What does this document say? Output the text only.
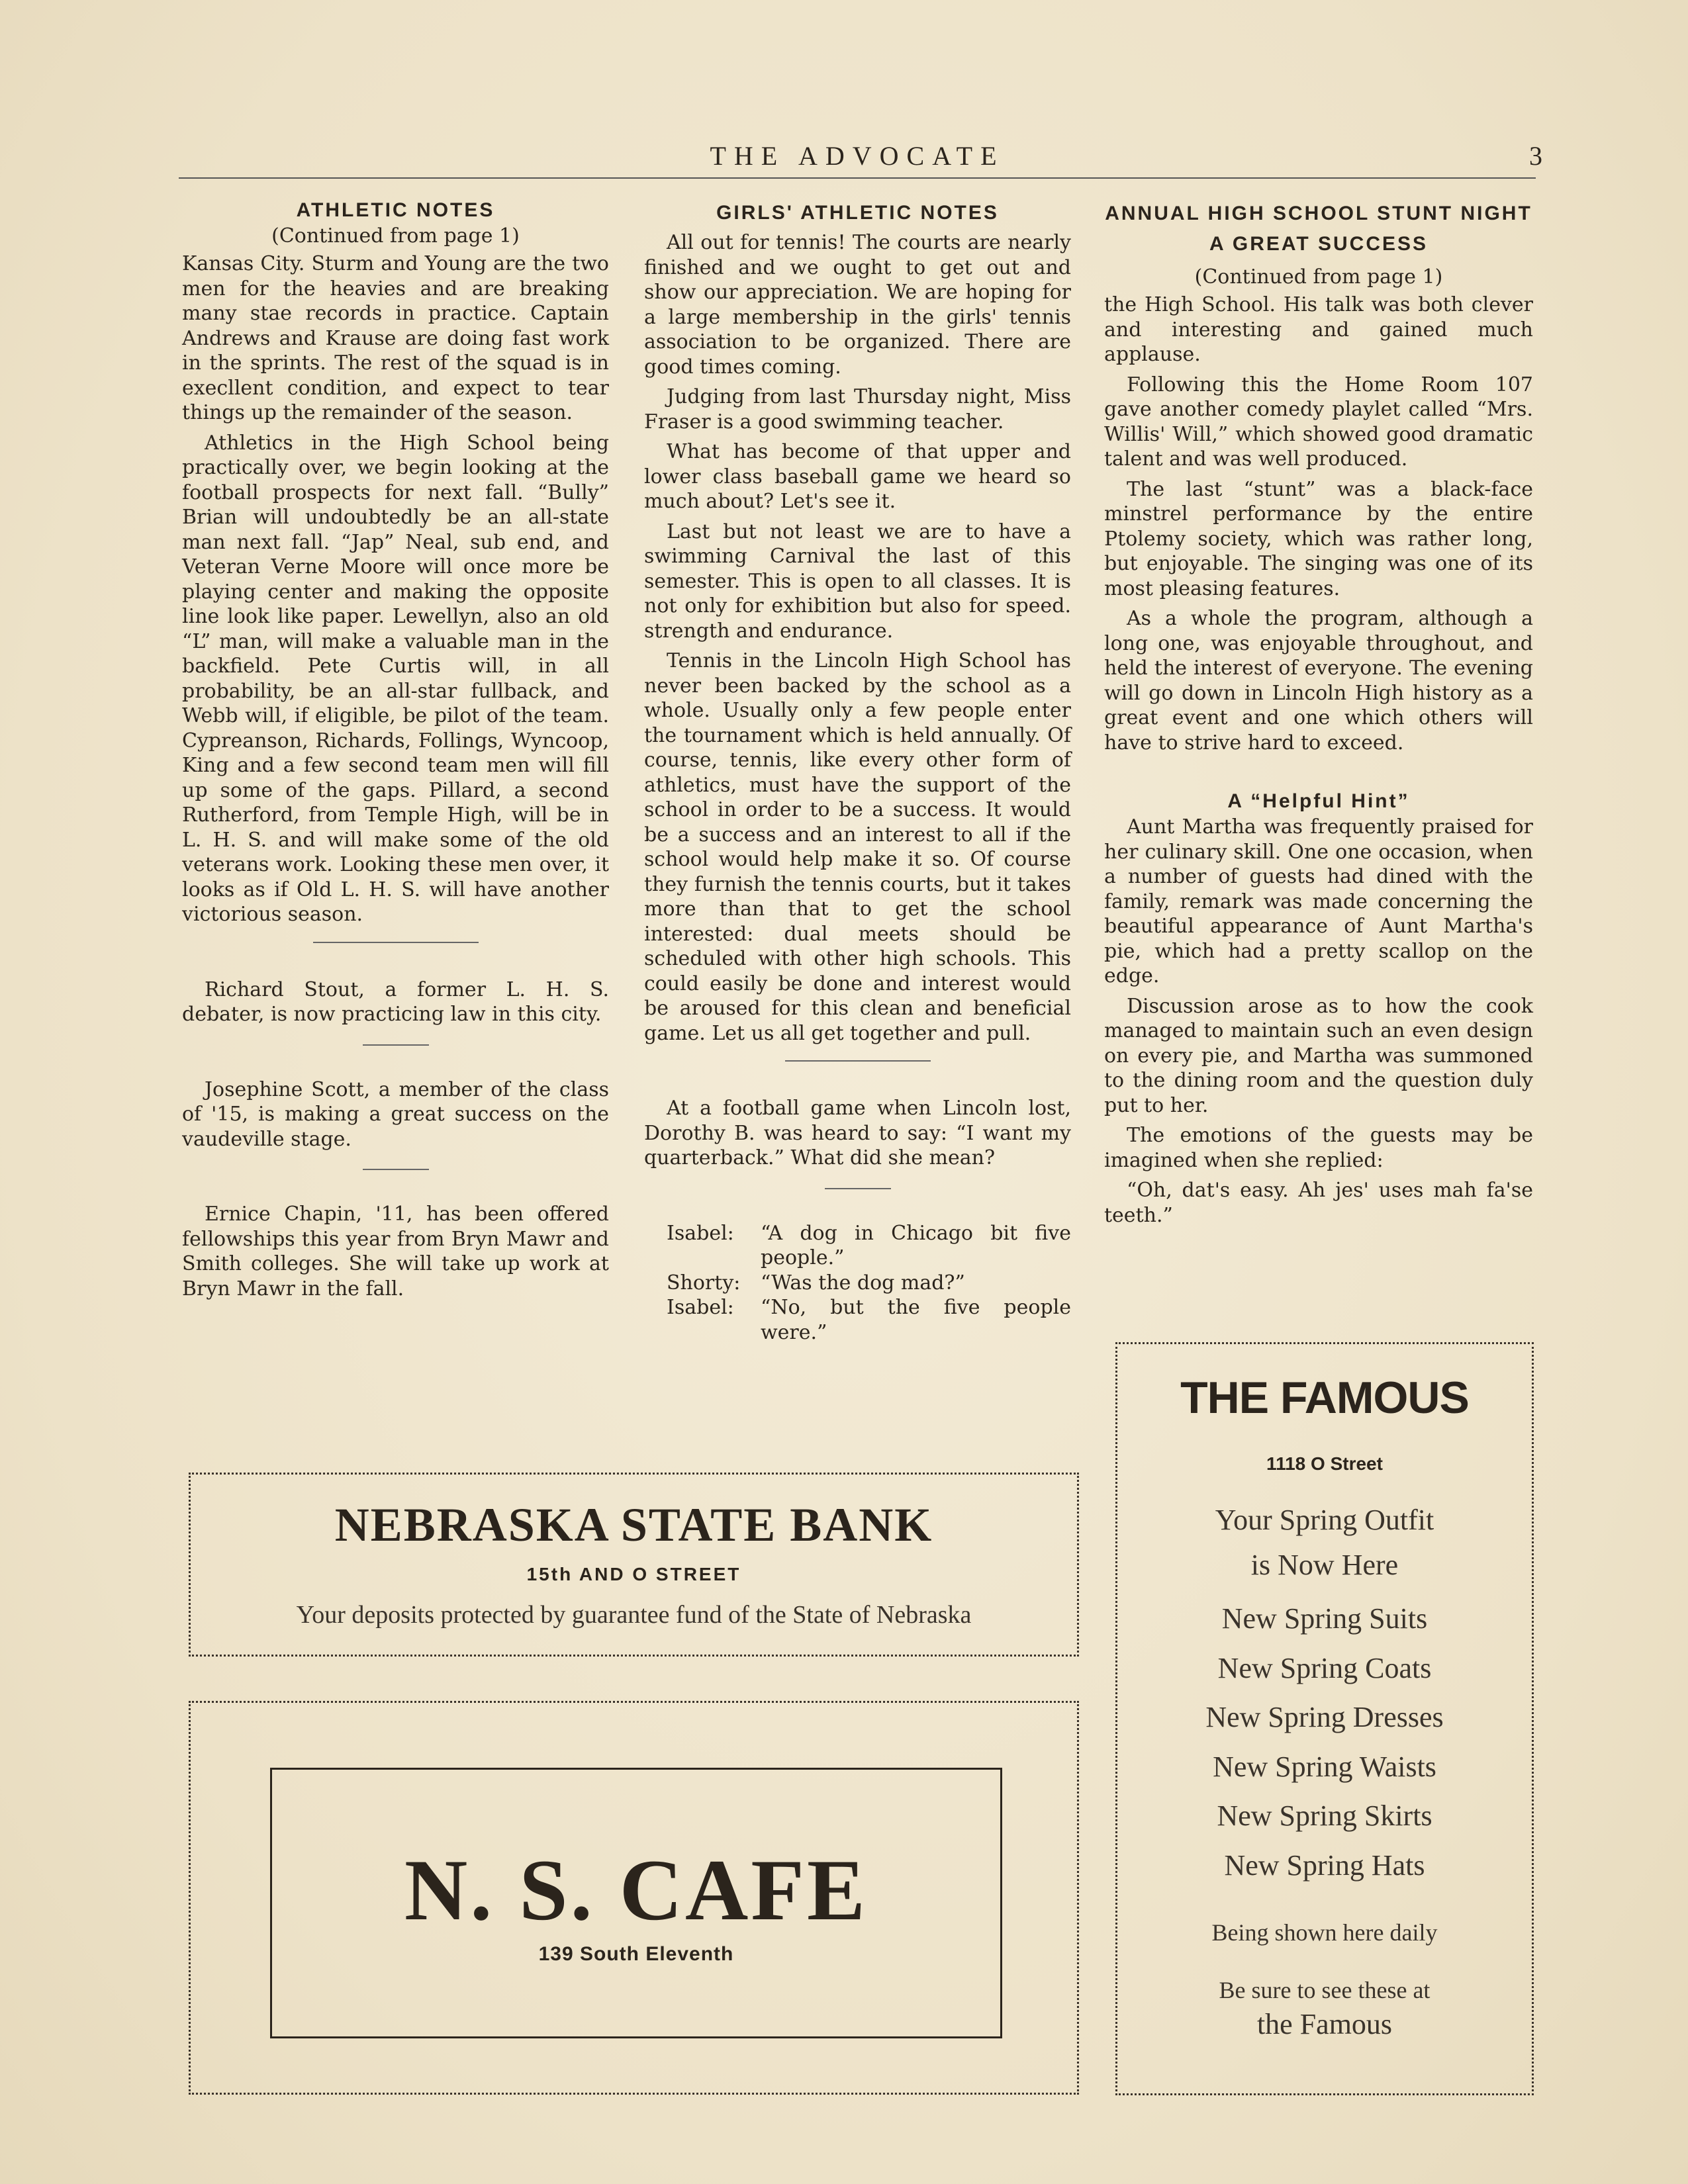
THE ADVOCATE	3
ATHLETIC NOTES
(Continued from page 1)

Kansas City. Sturm and Young are the two men for the heavies and are breaking many stae records in practice. Captain Andrews and Krause are doing fast work in the sprints. The rest of the squad is in execllent condition, and expect to tear things up the remainder of the season.

Athletics in the High School being practically over, we begin looking at the football prospects for next fall. “Bully” Brian will undoubtedly be an all-state man next fall. “Jap” Neal, sub end, and Veteran Verne Moore will once more be playing center and making the opposite line look like paper. Lewellyn, also an old “L” man, will make a valuable man in the backfield. Pete Curtis will, in all probability, be an all-star fullback, and Webb will, if eligible, be pilot of the team. Cypreanson, Richards, Follings, Wyncoop, King and a few second team men will fill up some of the gaps. Pillard, a second Rutherford, from Temple High, will be in L. H. S. and will make some of the old veterans work. Looking these men over, it looks as if Old L. H. S. will have another victorious season.

Richard Stout, a former L. H. S. debater, is now practicing law in this city.

Josephine Scott, a member of the class of '15, is making a great success on the vaudeville stage.

Ernice Chapin, '11, has been offered fellowships this year from Bryn Mawr and Smith colleges. She will take up work at Bryn Mawr in the fall.

GIRLS' ATHLETIC NOTES

All out for tennis! The courts are nearly finished and we ought to get out and show our appreciation. We are hoping for a large membership in the girls' tennis association to be organized. There are good times coming.

Judging from last Thursday night, Miss Fraser is a good swimming teacher.

What has become of that upper and lower class baseball game we heard so much about? Let's see it.

Last but not least we are to have a swimming Carnival the last of this semester. This is open to all classes. It is not only for exhibition but also for speed. strength and endurance.

Tennis in the Lincoln High School has never been backed by the school as a whole. Usually only a few people enter the tournament which is held annually. Of course, tennis, like every other form of athletics, must have the support of the school in order to be a success. It would be a success and an interest to all if the school would help make it so. Of course they furnish the tennis courts, but it takes more than that to get the school interested: dual meets should be scheduled with other high schools. This could easily be done and interest would be aroused for this clean and beneficial game. Let us all get together and pull.

At a football game when Lincoln lost, Dorothy B. was heard to say: “I want my quarterback.” What did she mean?

Isabel:	“A dog in Chicago bit five people.”
Shorty:	“Was the dog mad?”
Isabel:	“No, but the five people were.”
ANNUAL HIGH SCHOOL STUNT NIGHT A GREAT SUCCESS
(Continued from page 1)

the High School. His talk was both clever and interesting and gained much applause.

Following this the Home Room 107 gave another comedy playlet called “Mrs. Willis' Will,” which showed good dramatic talent and was well produced.

The last “stunt” was a black-face minstrel performance by the entire Ptolemy society, which was rather long, but enjoyable. The singing was one of its most pleasing features.

As a whole the program, although a long one, was enjoyable throughout, and held the interest of everyone. The evening will go down in Lincoln High history as a great event and one which others will have to strive hard to exceed.

A “Helpful Hint”

Aunt Martha was frequently praised for her culinary skill. One one occasion, when a number of guests had dined with the family, remark was made concerning the beautiful appearance of Aunt Martha's pie, which had a pretty scallop on the edge.

Discussion arose as to how the cook managed to maintain such an even design on every pie, and Martha was summoned to the dining room and the question duly put to her.

The emotions of the guests may be imagined when she replied:

“Oh, dat's easy. Ah jes' uses mah fa'se teeth.”

NEBRASKA STATE BANK
15th AND O STREET
Your deposits protected by guarantee fund of the State of Nebraska
N. S. CAFE
139 South Eleventh
THE FAMOUS
1118 O Street
Your Spring Outfit
is Now Here
New Spring Suits
New Spring Coats
New Spring Dresses
New Spring Waists
New Spring Skirts
New Spring Hats
Being shown here daily
Be sure to see these at
the Famous
